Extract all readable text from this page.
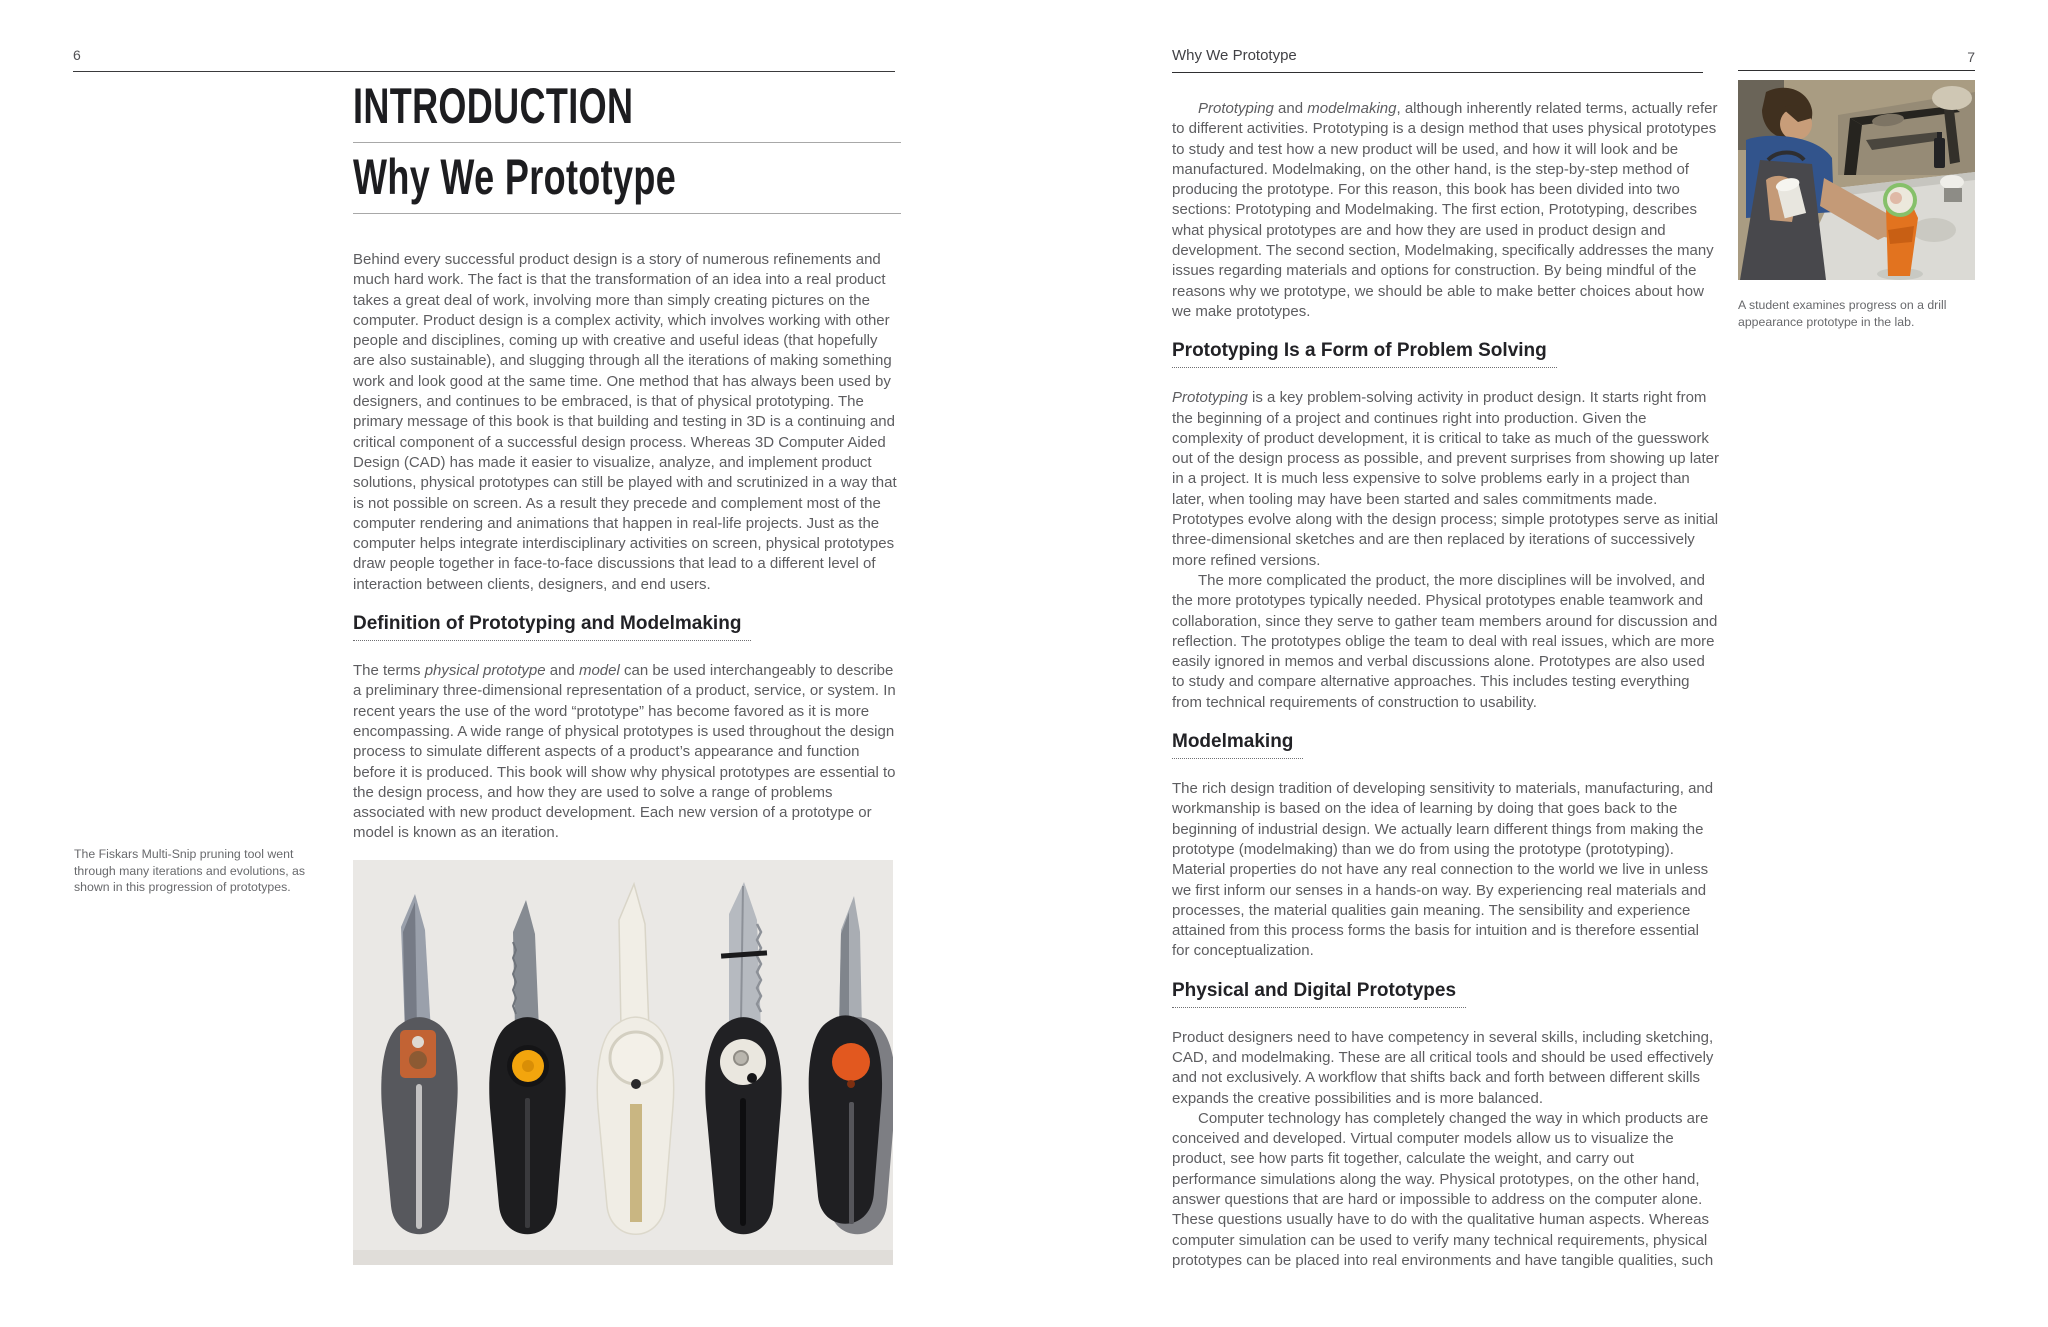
6
INTRODUCTION
Why We Prototype

Behind every successful product design is a story of numerous refinements and much hard work. The fact is that the transformation of an idea into a real product takes a great deal of work, involving more than simply creating pictures on the computer. Product design is a complex activity, which involves working with other people and disciplines, coming up with creative and useful ideas (that hopefully are also sustainable), and slugging through all the iterations of making something work and look good at the same time. One method that has always been used by designers, and continues to be embraced, is that of physical prototyping. The primary message of this book is that building and testing in 3D is a continuing and critical component of a successful design process. Whereas 3D Computer Aided Design (CAD) has made it easier to visualize, analyze, and implement product solutions, physical prototypes can still be played with and scrutinized in a way that is not possible on screen. As a result they precede and complement most of the computer rendering and animations that happen in real-life projects. Just as the computer helps integrate interdisciplinary activities on screen, physical prototypes draw people together in face-to-face discussions that lead to a different level of interaction between clients, designers, and end users.

Definition of Prototyping and Modelmaking

The terms physical prototype and model can be used interchangeably to describe a preliminary three-dimensional representation of a product, service, or system. In recent years the use of the word “prototype” has become favored as it is more encompassing. A wide range of physical prototypes is used throughout the design process to simulate different aspects of a product’s appearance and function before it is produced. This book will show why physical prototypes are essential to the design process, and how they are used to solve a range of problems associated with new product development. Each new version of a prototype or model is known as an iteration.

The Fiskars Multi-Snip pruning tool went through many iterations and evolutions, as shown in this progression of prototypes.
Why We Prototype

Prototyping and modelmaking, although inherently related terms, actually refer to different activities. Prototyping is a design method that uses physical prototypes to study and test how a new product will be used, and how it will look and be manufactured. Modelmaking, on the other hand, is the step-by-step method of producing the prototype. For this reason, this book has been divided into two sections: Prototyping and Modelmaking. The first ection, Prototyping, describes what physical prototypes are and how they are used in product design and development. The second section, Modelmaking, specifically addresses the many issues regarding materials and options for construction. By being mindful of the reasons why we prototype, we should be able to make better choices about how we make prototypes.

Prototyping Is a Form of Problem Solving

Prototyping is a key problem-solving activity in product design. It starts right from the beginning of a project and continues right into production. Given the complexity of product development, it is critical to take as much of the guesswork out of the design process as possible, and prevent surprises from showing up later in a project. It is much less expensive to solve problems early in a project than later, when tooling may have been started and sales commitments made. Prototypes evolve along with the design process; simple prototypes serve as initial three-dimensional sketches and are then replaced by iterations of successively more refined versions.

The more complicated the product, the more disciplines will be involved, and the more prototypes typically needed. Physical prototypes enable teamwork and collaboration, since they serve to gather team members around for discussion and reflection. The prototypes oblige the team to deal with real issues, which are more easily ignored in memos and verbal discussions alone. Prototypes are also used to study and compare alternative approaches. This includes testing everything from technical requirements of construction to usability.

Modelmaking

The rich design tradition of developing sensitivity to materials, manufacturing, and workmanship is based on the idea of learning by doing that goes back to the beginning of industrial design. We actually learn different things from making the prototype (modelmaking) than we do from using the prototype (prototyping). Material properties do not have any real connection to the world we live in unless we first inform our senses in a hands-on way. By experiencing real materials and processes, the material qualities gain meaning. The sensibility and experience attained from this process forms the basis for intuition and is therefore essential for conceptualization.

Physical and Digital Prototypes

Product designers need to have competency in several skills, including sketching, CAD, and modelmaking. These are all critical tools and should be used effectively and not exclusively. A workflow that shifts back and forth between different skills expands the creative possibilities and is more balanced.

Computer technology has completely changed the way in which products are conceived and developed. Virtual computer models allow us to visualize the product, see how parts fit together, calculate the weight, and carry out performance simulations along the way. Physical prototypes, on the other hand, answer questions that are hard or impossible to address on the computer alone. These questions usually have to do with the qualitative human aspects. Whereas computer simulation can be used to verify many technical requirements, physical prototypes can be placed into real environments and have tangible qualities, such

7
A student examines progress on a drill appearance prototype in the lab.
